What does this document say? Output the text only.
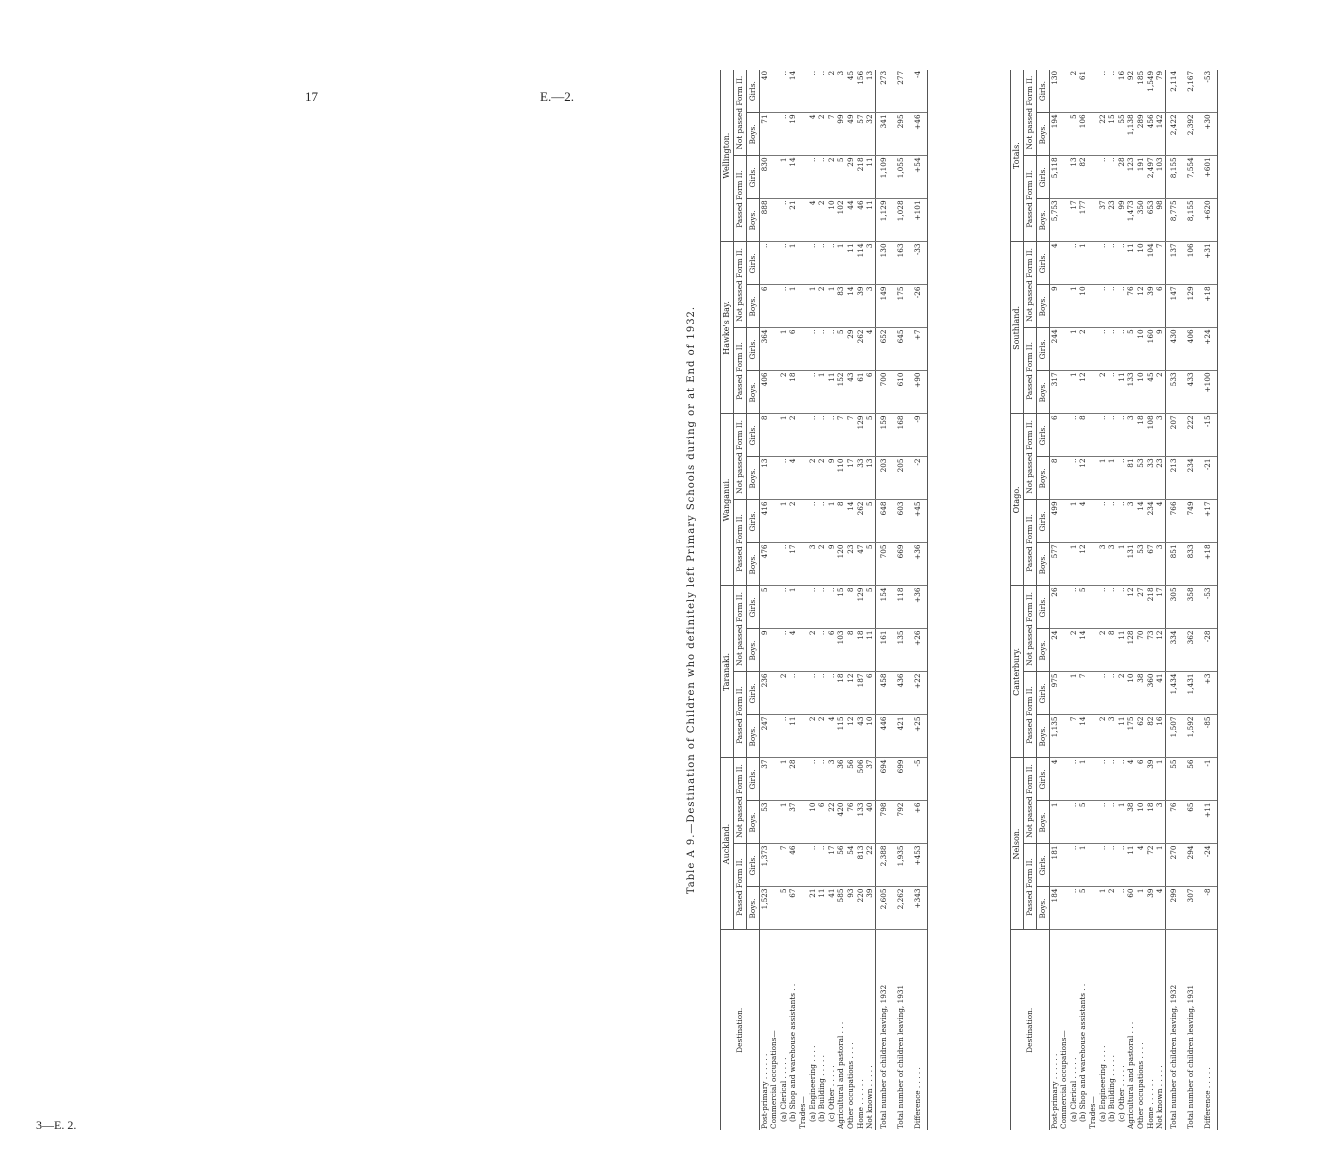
17	E.—2.
3—E. 2.
Table A 9.—Destination of Children who definitely left Primary Schools during or at End of 1932.
Destination.	Auckland.				Taranaki.				Wanganui.				Hawke's Bay.				Wellington.			
	Passed Form II.		Not passed Form II.		Passed Form II.		Not passed Form II.		Passed Form II.		Not passed Form II.		Passed Form II.		Not passed Form II.		Passed Form II.		Not passed Form II.	
	Boys.	Girls.	Boys.	Girls.	Boys.	Girls.	Boys.	Girls.	Boys.	Girls.	Boys.	Girls.	Boys.	Girls.	Boys.	Girls.	Boys.	Girls.	Boys.	Girls.
Post-primary . . . . . .	1,523	1,373	53	37	247	236	9	5	476	416	13	8	406	364	6	..	888	830	71	40
Commercial occupations—																				
(a) Clerical . . . . .	5	7	1	1	..	2	..	..	..	1	..	1	2	1	..	..	..	1	..	..
(b) Shop and warehouse assistants . .	67	46	37	28	11	..	4	1	17	2	4	2	18	6	1	1	21	14	19	14
Trades—																				
(a) Engineering . . . .	21	..	10	..	2	..	2	..	3	..	2	..	..	..	1	..	4	..	4	..
(b) Building . . . . .	11	..	6	..	2	..	..	..	2	..	2	..	1	..	2	..	2	..	2	..
(c) Other . . . . .	41	17	22	3	4	..	6	..	9	1	9	..	11	..	1	..	10	2	7	2
Agricultural and pastoral . . .	585	56	420	36	115	18	103	15	120	8	110	7	152	5	83	1	102	5	99	3
Other occupations . . . .	93	54	76	56	12	12	8	8	23	14	17	7	43	29	14	11	44	29	49	45
Home . . . . . .	220	813	133	506	43	187	18	129	47	262	33	129	61	262	39	114	46	218	57	156
Not known . . . . .	39	22	40	37	10	6	11	5	5	5	13	5	6	4	3	3	11	11	32	13
Total number of children leaving, 1932	2,605	2,388	798	694	446	458	161	154	705	648	203	159	700	652	149	130	1,129	1,109	341	273
Total number of children leaving, 1931	2,262	1,935	792	699	421	436	135	118	669	603	205	168	610	645	175	163	1,028	1,055	295	277
Difference . . . . .	+343	+453	+6	-5	+25	+22	+26	+36	+36	+45	-2	-9	+90	+7	-26	-33	+101	+54	+46	-4
Destination.	Nelson.				Canterbury.				Otago.				Southland.				Totals.			
	Passed Form II.		Not passed Form II.		Passed Form II.		Not passed Form II.		Passed Form II.		Not passed Form II.		Passed Form II.		Not passed Form II.		Passed Form II.		Not passed Form II.	
	Boys.	Girls.	Boys.	Girls.	Boys.	Girls.	Boys.	Girls.	Boys.	Girls.	Boys.	Girls.	Boys.	Girls.	Boys.	Girls.	Boys.	Girls.	Boys.	Girls.
Post-primary . . . . . .	184	181	1	4	1,135	975	24	26	577	499	8	6	317	244	9	4	5,753	5,118	194	130
Commercial occupations—																				
(a) Clerical . . . . .	..	..	..	..	7	1	2	..	1	1	..	..	1	1	1	..	17	13	5	2
(b) Shop and warehouse assistants . .	5	1	5	1	14	7	14	5	12	4	12	8	12	2	10	1	177	82	106	61
Trades—																				
(a) Engineering . . . .	1	..	..	..	2	..	2	..	3	..	1	..	2	..	..	..	37	..	22	..
(b) Building . . . . .	2	..	..	..	3	..	8	..	3	..	1	..	..	..	..	..	23	..	15	..
(c) Other . . . . .	..	..	1	..	11	2	11	..	1	..	..	..	11	..	..	..	99	28	55	16
Agricultural and pastoral . . .	60	11	38	4	175	10	128	12	131	3	81	3	133	5	76	11	1,473	123	1,138	92
Other occupations . . . .	1	4	10	6	62	38	70	27	53	14	53	18	10	10	12	10	350	191	289	185
Home . . . . . .	39	72	18	39	82	360	73	218	67	234	33	108	45	160	39	104	653	2,497	456	1,549
Not known . . . . .	4	1	3	1	16	41	12	17	3	4	23	3	2	9	6	7	98	103	142	79
Total number of children leaving, 1932	299	270	76	55	1,507	1,434	334	305	851	766	213	207	533	430	147	137	8,775	8,155	2,422	2,114
Total number of children leaving, 1931	307	294	65	56	1,592	1,431	362	358	833	749	234	222	433	406	129	106	8,155	7,554	2,392	2,167
Difference . . . . .	-8	-24	+11	-1	-85	+3	-28	-53	+18	+17	-21	-15	+100	+24	+18	+31	+620	+601	+30	-53
